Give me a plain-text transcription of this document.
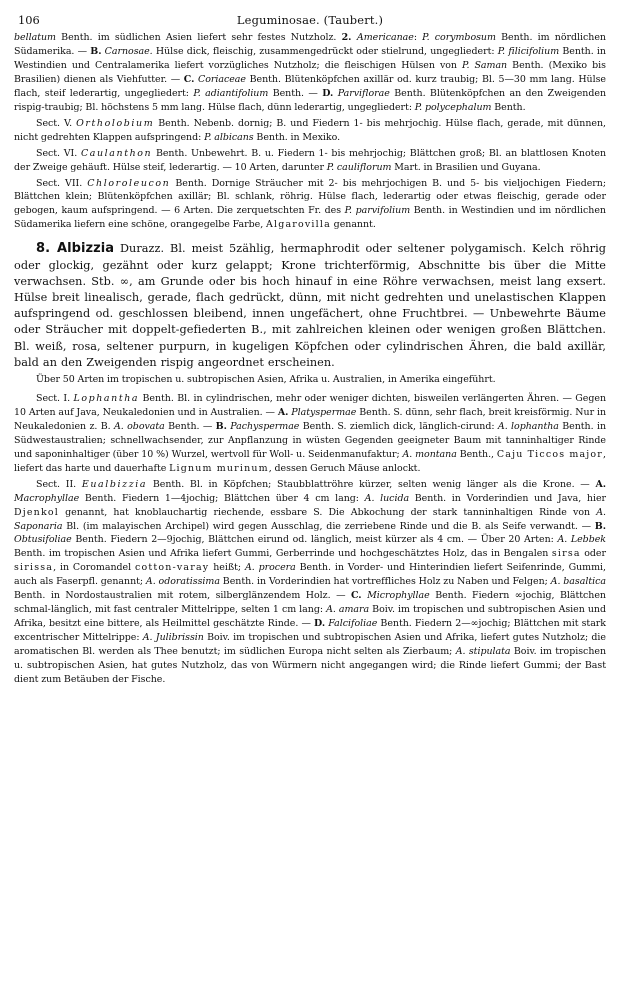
106	Leguminosae. (Taubert.)

bellatum Benth. im südlichen Asien liefert sehr festes Nutzholz. 2. Americanae: P. corymbosum Benth. im nördlichen Südamerika. — B. Carnosae. Hülse dick, fleischig, zusammengedrückt oder stielrund, ungegliedert: P. filicifolium Benth. in Westindien und Centralamerika liefert vorzügliches Nutzholz; die fleischigen Hülsen von P. Saman Benth. (Mexiko bis Brasilien) dienen als Viehfutter. — C. Coriaceae Benth. Blütenköpfchen axillär od. kurz traubig; Bl. 5—30 mm lang. Hülse flach, steif lederartig, ungegliedert: P. adiantifolium Benth. — D. Parviflorae Benth. Blütenköpfchen an den Zweigenden rispig-traubig; Bl. höchstens 5 mm lang. Hülse flach, dünn lederartig, ungegliedert: P. polycephalum Benth.

Sect. V. Ortholobium Benth. Nebenb. dornig; B. und Fiedern 1- bis mehrjochig. Hülse flach, gerade, mit dünnen, nicht gedrehten Klappen aufspringend: P. albicans Benth. in Mexiko.

Sect. VI. Caulanthon Benth. Unbewehrt. B. u. Fiedern 1- bis mehrjochig; Blättchen groß; Bl. an blattlosen Knoten der Zweige gehäuft. Hülse steif, lederartig. — 10 Arten, darunter P. cauliflorum Mart. in Brasilien und Guyana.

Sect. VII. Chloroleucon Benth. Dornige Sträucher mit 2- bis mehrjochigen B. und 5- bis vieljochigen Fiedern; Blättchen klein; Blütenköpfchen axillär; Bl. schlank, röhrig. Hülse flach, lederartig oder etwas fleischig, gerade oder gebogen, kaum aufspringend. — 6 Arten. Die zerquetschten Fr. des P. parvifolium Benth. in Westindien und im nördlichen Südamerika liefern eine schöne, orangegelbe Farbe, Algarovilla genannt.

8. Albizzia Durazz. Bl. meist 5zählig, hermaphrodit oder seltener polygamisch. Kelch röhrig oder glockig, gezähnt oder kurz gelappt; Krone trichterförmig, Abschnitte bis über die Mitte verwachsen. Stb. ∞, am Grunde oder bis hoch hinauf in eine Röhre verwachsen, meist lang exsert. Hülse breit linealisch, gerade, flach gedrückt, dünn, mit nicht gedrehten und unelastischen Klappen aufspringend od. geschlossen bleibend, innen ungefächert, ohne Fruchtbrei. — Unbewehrte Bäume oder Sträucher mit doppelt-gefiederten B., mit zahlreichen kleinen oder wenigen großen Blättchen. Bl. weiß, rosa, seltener purpurn, in kugeligen Köpfchen oder cylindrischen Ähren, die bald axillär, bald an den Zweigenden rispig angeordnet erscheinen.

Über 50 Arten im tropischen u. subtropischen Asien, Afrika u. Australien, in Amerika eingeführt.

Sect. I. Lophantha Benth. Bl. in cylindrischen, mehr oder weniger dichten, bisweilen verlängerten Ähren. — Gegen 10 Arten auf Java, Neukaledonien und in Australien. — A. Platyspermae Benth. S. dünn, sehr flach, breit kreisförmig. Nur in Neukaledonien z. B. A. obovata Benth. — B. Pachyspermae Benth. S. ziemlich dick, länglich-cirund: A. lophantha Benth. in Südwestaustralien; schnellwachsender, zur Anpflanzung in wüsten Gegenden geeigneter Baum mit tanninhaltiger Rinde und saponinhaltiger (über 10 %) Wurzel, wertvoll für Woll- u. Seidenmanufaktur; A. montana Benth., Caju Ticcos major, liefert das harte und dauerhafte Lignum murinum, dessen Geruch Mäuse anlockt.

Sect. II. Eualbizzia Benth. Bl. in Köpfchen; Staubblattröhre kürzer, selten wenig länger als die Krone. — A. Macrophyllae Benth. Fiedern 1—4jochig; Blättchen über 4 cm lang: A. lucida Benth. in Vorderindien und Java, hier Djenkol genannt, hat knoblauchartig riechende, essbare S. Die Abkochung der stark tanninhaltigen Rinde von A. Saponaria Bl. (im malayischen Archipel) wird gegen Ausschlag, die zerriebene Rinde und die B. als Seife verwandt. — B. Obtusifoliae Benth. Fiedern 2—9jochig, Blättchen eirund od. länglich, meist kürzer als 4 cm. — Über 20 Arten: A. Lebbek Benth. im tropischen Asien und Afrika liefert Gummi, Gerberrinde und hochgeschätztes Holz, das in Bengalen sirsa oder sirissa, in Coromandel cotton-varay heißt; A. procera Benth. in Vorder- und Hinterindien liefert Seifenrinde, Gummi, auch als Faserpfl. genannt; A. odoratissima Benth. in Vorderindien hat vortreffliches Holz zu Naben und Felgen; A. basaltica Benth. in Nordostaustralien mit rotem, silberglänzendem Holz. — C. Microphyllae Benth. Fiedern ∞jochig, Blättchen schmal-länglich, mit fast centraler Mittelrippe, selten 1 cm lang: A. amara Boiv. im tropischen und subtropischen Asien und Afrika, besitzt eine bittere, als Heilmittel geschätzte Rinde. — D. Falcifoliae Benth. Fiedern 2—∞jochig; Blättchen mit stark excentrischer Mittelrippe: A. Julibrissin Boiv. im tropischen und subtropischen Asien und Afrika, liefert gutes Nutzholz; die aromatischen Bl. werden als Thee benutzt; im südlichen Europa nicht selten als Zierbaum; A. stipulata Boiv. im tropischen u. subtropischen Asien, hat gutes Nutzholz, das von Würmern nicht angegangen wird; die Rinde liefert Gummi; der Bast dient zum Betäuben der Fische.
